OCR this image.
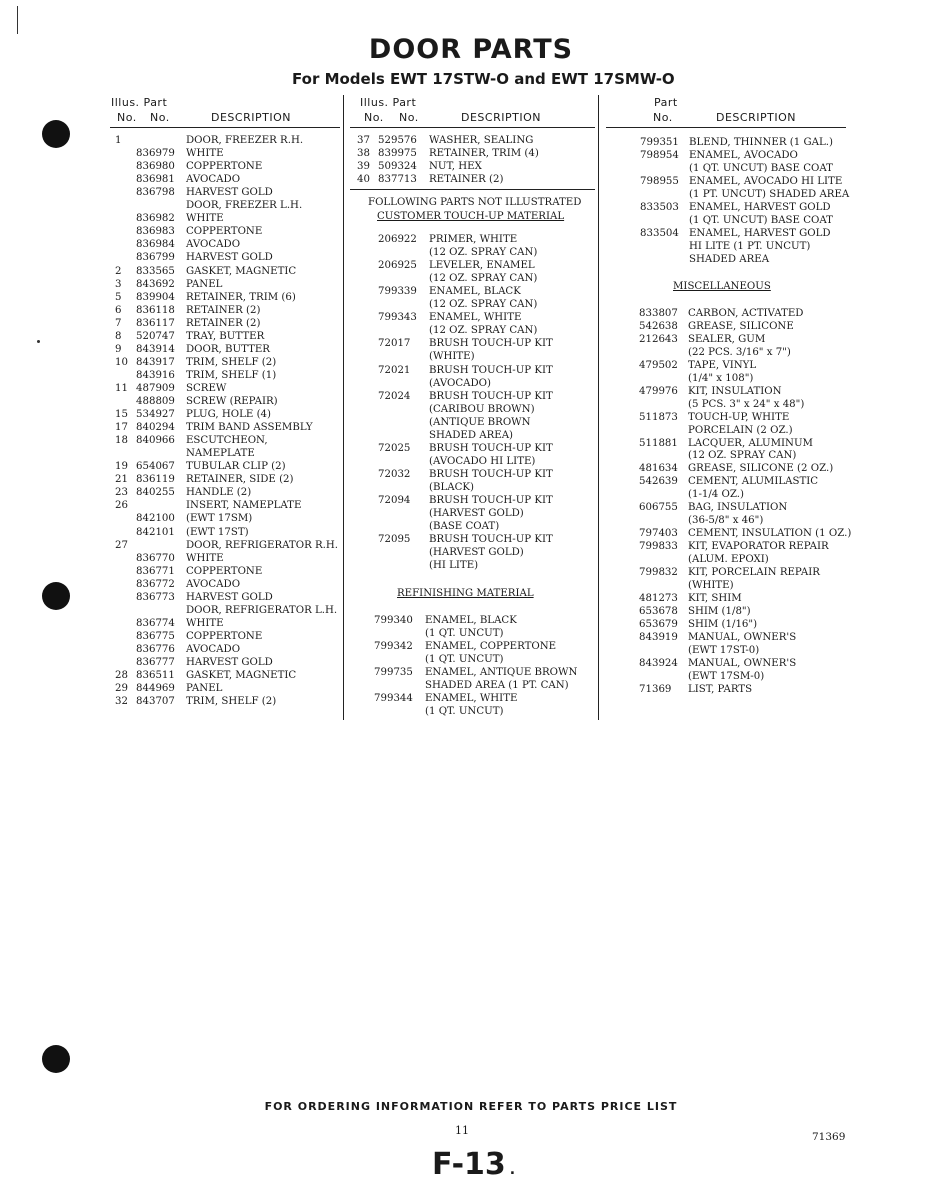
DOOR PARTS
For Models EWT 17STW-O and EWT 17SMW-O
Illus. Part
No. No.	DESCRIPTION
Illus. Part
No. No.	DESCRIPTION
Part
No.	DESCRIPTION
1	DOOR, FREEZER R.H.
836979 WHITE
836980 COPPERTONE
836981 AVOCADO
836798 HARVEST GOLD
DOOR, FREEZER L.H.
836982 WHITE
836983 COPPERTONE
836984 AVOCADO
836799 HARVEST GOLD
2 833565 GASKET, MAGNETIC
3 843692 PANEL
5 839904 RETAINER, TRIM (6)
6 836118 RETAINER (2)
7 836117 RETAINER (2)
8 520747 TRAY, BUTTER
9 843914 DOOR, BUTTER
10 843917 TRIM, SHELF (2)
843916 TRIM, SHELF (1)
11 487909 SCREW
488809 SCREW (REPAIR)
15 534927 PLUG, HOLE (4)
17 840294 TRIM BAND ASSEMBLY
18 840966 ESCUTCHEON,
NAMEPLATE
19 654067 TUBULAR CLIP (2)
21 836119 RETAINER, SIDE (2)
23 840255 HANDLE (2)
26	INSERT, NAMEPLATE
842100 (EWT 17SM)
842101 (EWT 17ST)
27	DOOR, REFRIGERATOR R.H.
836770 WHITE
836771 COPPERTONE
836772 AVOCADO
836773 HARVEST GOLD
DOOR, REFRIGERATOR L.H.
836774 WHITE
836775 COPPERTONE
836776 AVOCADO
836777 HARVEST GOLD
28 836511 GASKET, MAGNETIC
29 844969 PANEL
32 843707 TRIM, SHELF (2)
37 529576 WASHER, SEALING
38 839975 RETAINER, TRIM (4)
39 509324 NUT, HEX
40 837713 RETAINER (2)
FOLLOWING PARTS NOT ILLUSTRATED
CUSTOMER TOUCH-UP MATERIAL
206922 PRIMER, WHITE
(12 OZ. SPRAY CAN)
206925 LEVELER, ENAMEL
(12 OZ. SPRAY CAN)
799339 ENAMEL, BLACK
(12 OZ. SPRAY CAN)
799343 ENAMEL, WHITE
(12 OZ. SPRAY CAN)
72017 BRUSH TOUCH-UP KIT
(WHITE)
72021 BRUSH TOUCH-UP KIT
(AVOCADO)
72024 BRUSH TOUCH-UP KIT
(CARIBOU BROWN)
(ANTIQUE BROWN
SHADED AREA)
72025 BRUSH TOUCH-UP KIT
(AVOCADO HI LITE)
72032 BRUSH TOUCH-UP KIT
(BLACK)
72094 BRUSH TOUCH-UP KIT
(HARVEST GOLD)
(BASE COAT)
72095 BRUSH TOUCH-UP KIT
(HARVEST GOLD)
(HI LITE)
REFINISHING MATERIAL
799340 ENAMEL, BLACK
(1 QT. UNCUT)
799342 ENAMEL, COPPERTONE
(1 QT. UNCUT)
799735 ENAMEL, ANTIQUE BROWN
SHADED AREA (1 PT. CAN)
799344 ENAMEL, WHITE
(1 QT. UNCUT)
799351 BLEND, THINNER (1 GAL.)
798954 ENAMEL, AVOCADO
(1 QT. UNCUT) BASE COAT
798955 ENAMEL, AVOCADO HI LITE
(1 PT. UNCUT) SHADED AREA
833503 ENAMEL, HARVEST GOLD
(1 QT. UNCUT) BASE COAT
833504 ENAMEL, HARVEST GOLD
HI LITE (1 PT. UNCUT)
SHADED AREA
MISCELLANEOUS
833807 CARBON, ACTIVATED
542638 GREASE, SILICONE
212643 SEALER, GUM
(22 PCS. 3/16" x 7")
479502 TAPE, VINYL
(1/4" x 108")
479976 KIT, INSULATION
(5 PCS. 3" x 24" x 48")
511873 TOUCH-UP, WHITE
PORCELAIN (2 OZ.)
511881 LACQUER, ALUMINUM
(12 OZ. SPRAY CAN)
481634 GREASE, SILICONE (2 OZ.)
542639 CEMENT, ALUMILASTIC
(1-1/4 OZ.)
606755 BAG, INSULATION
(36-5/8" x 46")
797403 CEMENT, INSULATION (1 OZ.)
799833 KIT, EVAPORATOR REPAIR
(ALUM. EPOXI)
799832 KIT, PORCELAIN REPAIR
(WHITE)
481273 KIT, SHIM
653678 SHIM (1/8")
653679 SHIM (1/16")
843919 MANUAL, OWNER'S
(EWT 17ST-0)
843924 MANUAL, OWNER'S
(EWT 17SM-0)
71369 LIST, PARTS
FOR ORDERING INFORMATION REFER TO PARTS PRICE LIST
11	71369
F-13 .
